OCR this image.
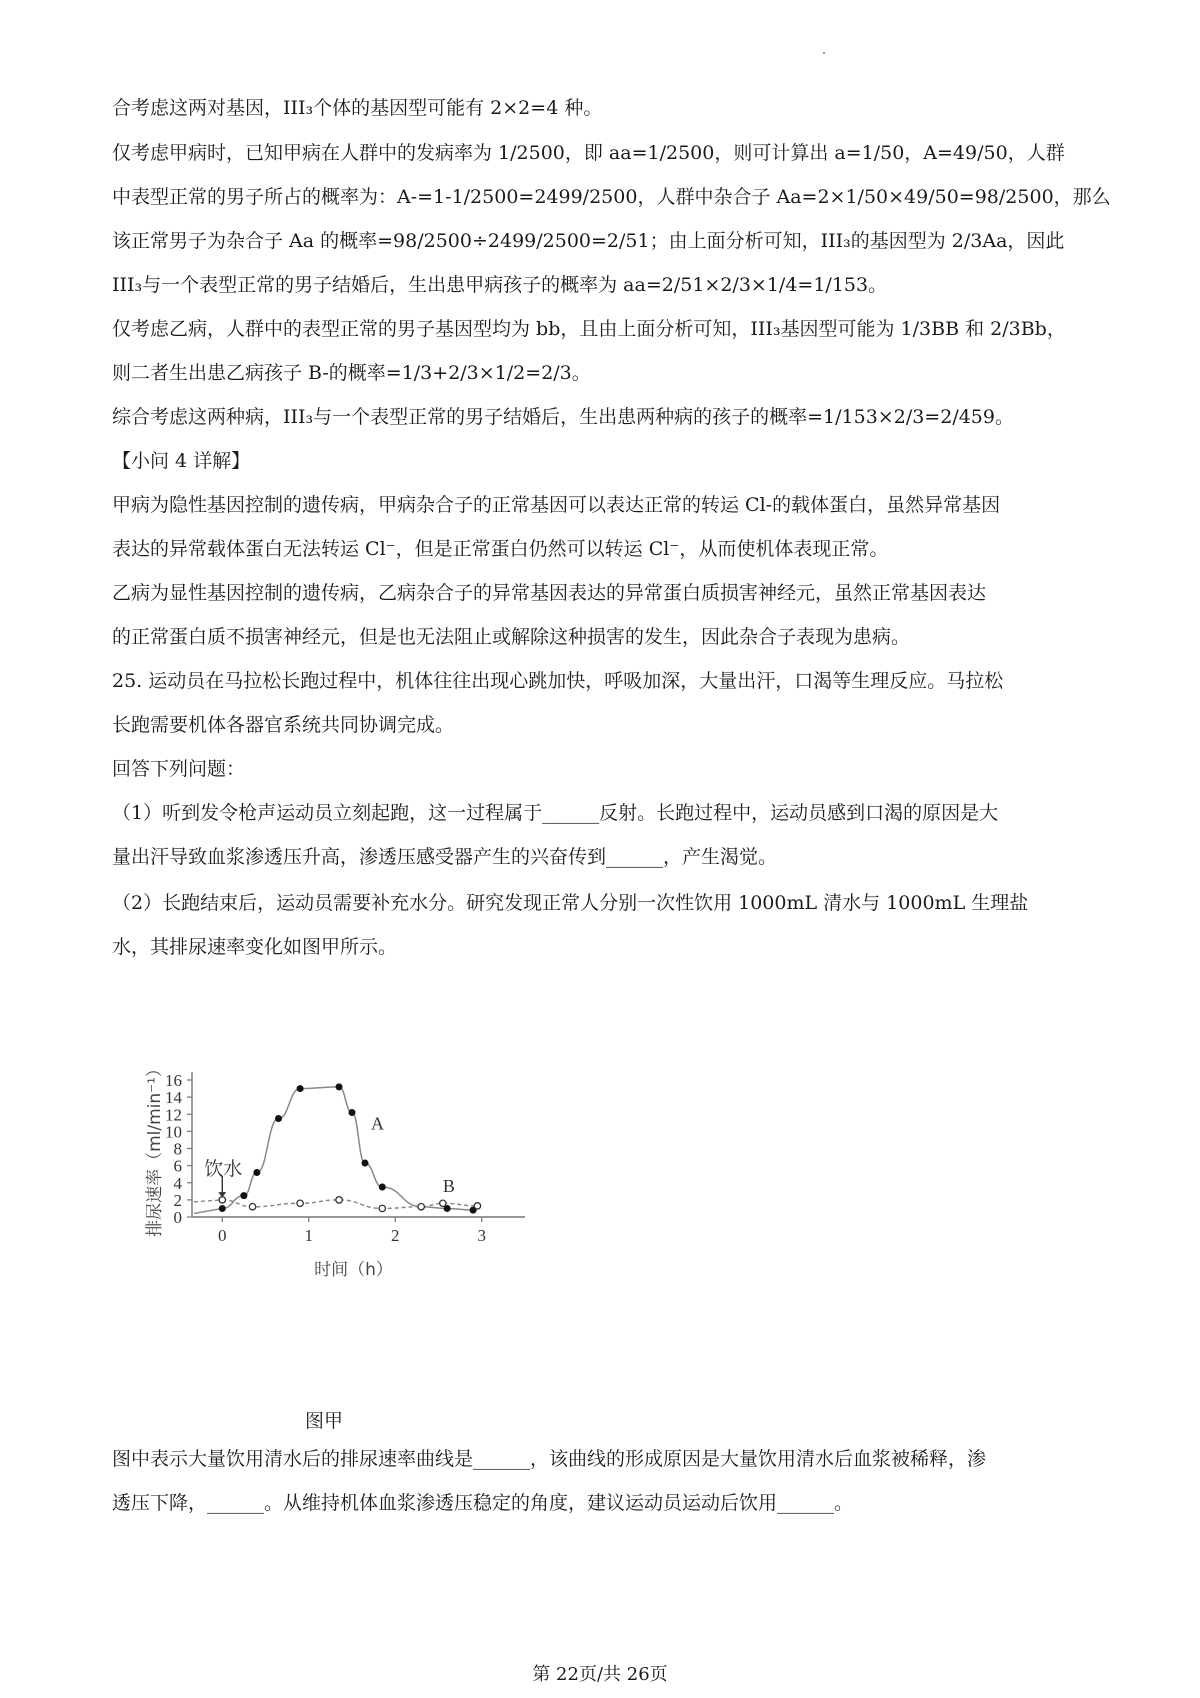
合考虑这两对基因，III₃个体的基因型可能有 2×2=4 种。
仅考虑甲病时，已知甲病在人群中的发病率为 1/2500，即 aa=1/2500，则可计算出 a=1/50，A=49/50，人群
中表型正常的男子所占的概率为：A-=1-1/2500=2499/2500，人群中杂合子 Aa=2×1/50×49/50=98/2500，那么
该正常男子为杂合子 Aa 的概率=98/2500÷2499/2500=2/51；由上面分析可知，III₃的基因型为 2/3Aa，因此
III₃与一个表型正常的男子结婚后，生出患甲病孩子的概率为 aa=2/51×2/3×1/4=1/153。
仅考虑乙病，人群中的表型正常的男子基因型均为 bb，且由上面分析可知，III₃基因型可能为 1/3BB 和 2/3Bb，
则二者生出患乙病孩子 B-的概率=1/3+2/3×1/2=2/3。
综合考虑这两种病，III₃与一个表型正常的男子结婚后，生出患两种病的孩子的概率=1/153×2/3=2/459。
【小问 4 详解】
甲病为隐性基因控制的遗传病，甲病杂合子的正常基因可以表达正常的转运 Cl-的载体蛋白，虽然异常基因
表达的异常载体蛋白无法转运 Cl⁻，但是正常蛋白仍然可以转运 Cl⁻，从而使机体表现正常。
乙病为显性基因控制的遗传病，乙病杂合子的异常基因表达的异常蛋白质损害神经元，虽然正常基因表达
的正常蛋白质不损害神经元，但是也无法阻止或解除这种损害的发生，因此杂合子表现为患病。
25. 运动员在马拉松长跑过程中，机体往往出现心跳加快，呼吸加深，大量出汗，口渴等生理反应。马拉松
长跑需要机体各器官系统共同协调完成。
回答下列问题：
（1）听到发令枪声运动员立刻起跑，这一过程属于______反射。长跑过程中，运动员感到口渴的原因是大
量出汗导致血浆渗透压升高，渗透压感受器产生的兴奋传到______，产生渴觉。
（2）长跑结束后，运动员需要补充水分。研究发现正常人分别一次性饮用 1000mL 清水与 1000mL 生理盐
水，其排尿速率变化如图甲所示。
0
2
4
6
8
10
12
14
16
0	1	2	3
排尿速率（ml/min⁻¹）
时间（h）
A
B
饮水
图甲
图中表示大量饮用清水后的排尿速率曲线是______，该曲线的形成原因是大量饮用清水后血浆被稀释，渗
透压下降，______。从维持机体血浆渗透压稳定的角度，建议运动员运动后饮用______。
第 22页/共 26页
